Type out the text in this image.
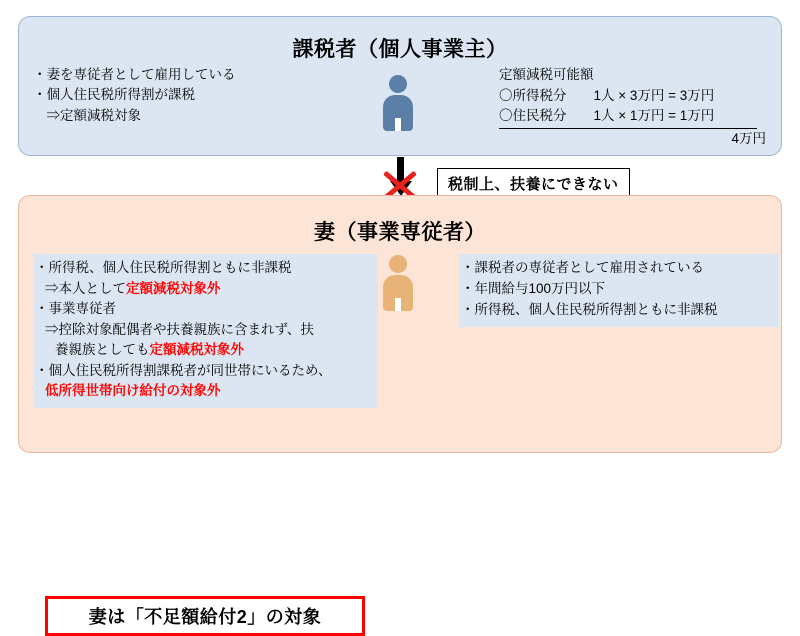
課税者（個人事業主）
・妻を専従者として雇用している
・個人住民税所得割が課税
　⇒定額減税対象
定額減税可能額
〇所得税分　　1人 × 3万円 = 3万円
〇住民税分　　1人 × 1万円 = 1万円
4万円
税制上、扶養にできない
妻（事業専従者）
・所得税、個人住民税所得割ともに非課税
⇒本人として定額減税対象外
・事業専従者
⇒控除対象配偶者や扶養親族に含まれず、扶
養親族としても定額減税対象外
・個人住民税所得割課税者が同世帯にいるため、
低所得世帯向け給付の対象外
・課税者の専従者として雇用されている
・年間給与100万円以下
・所得税、個人住民税所得割ともに非課税
妻は「不足額給付2」の対象
